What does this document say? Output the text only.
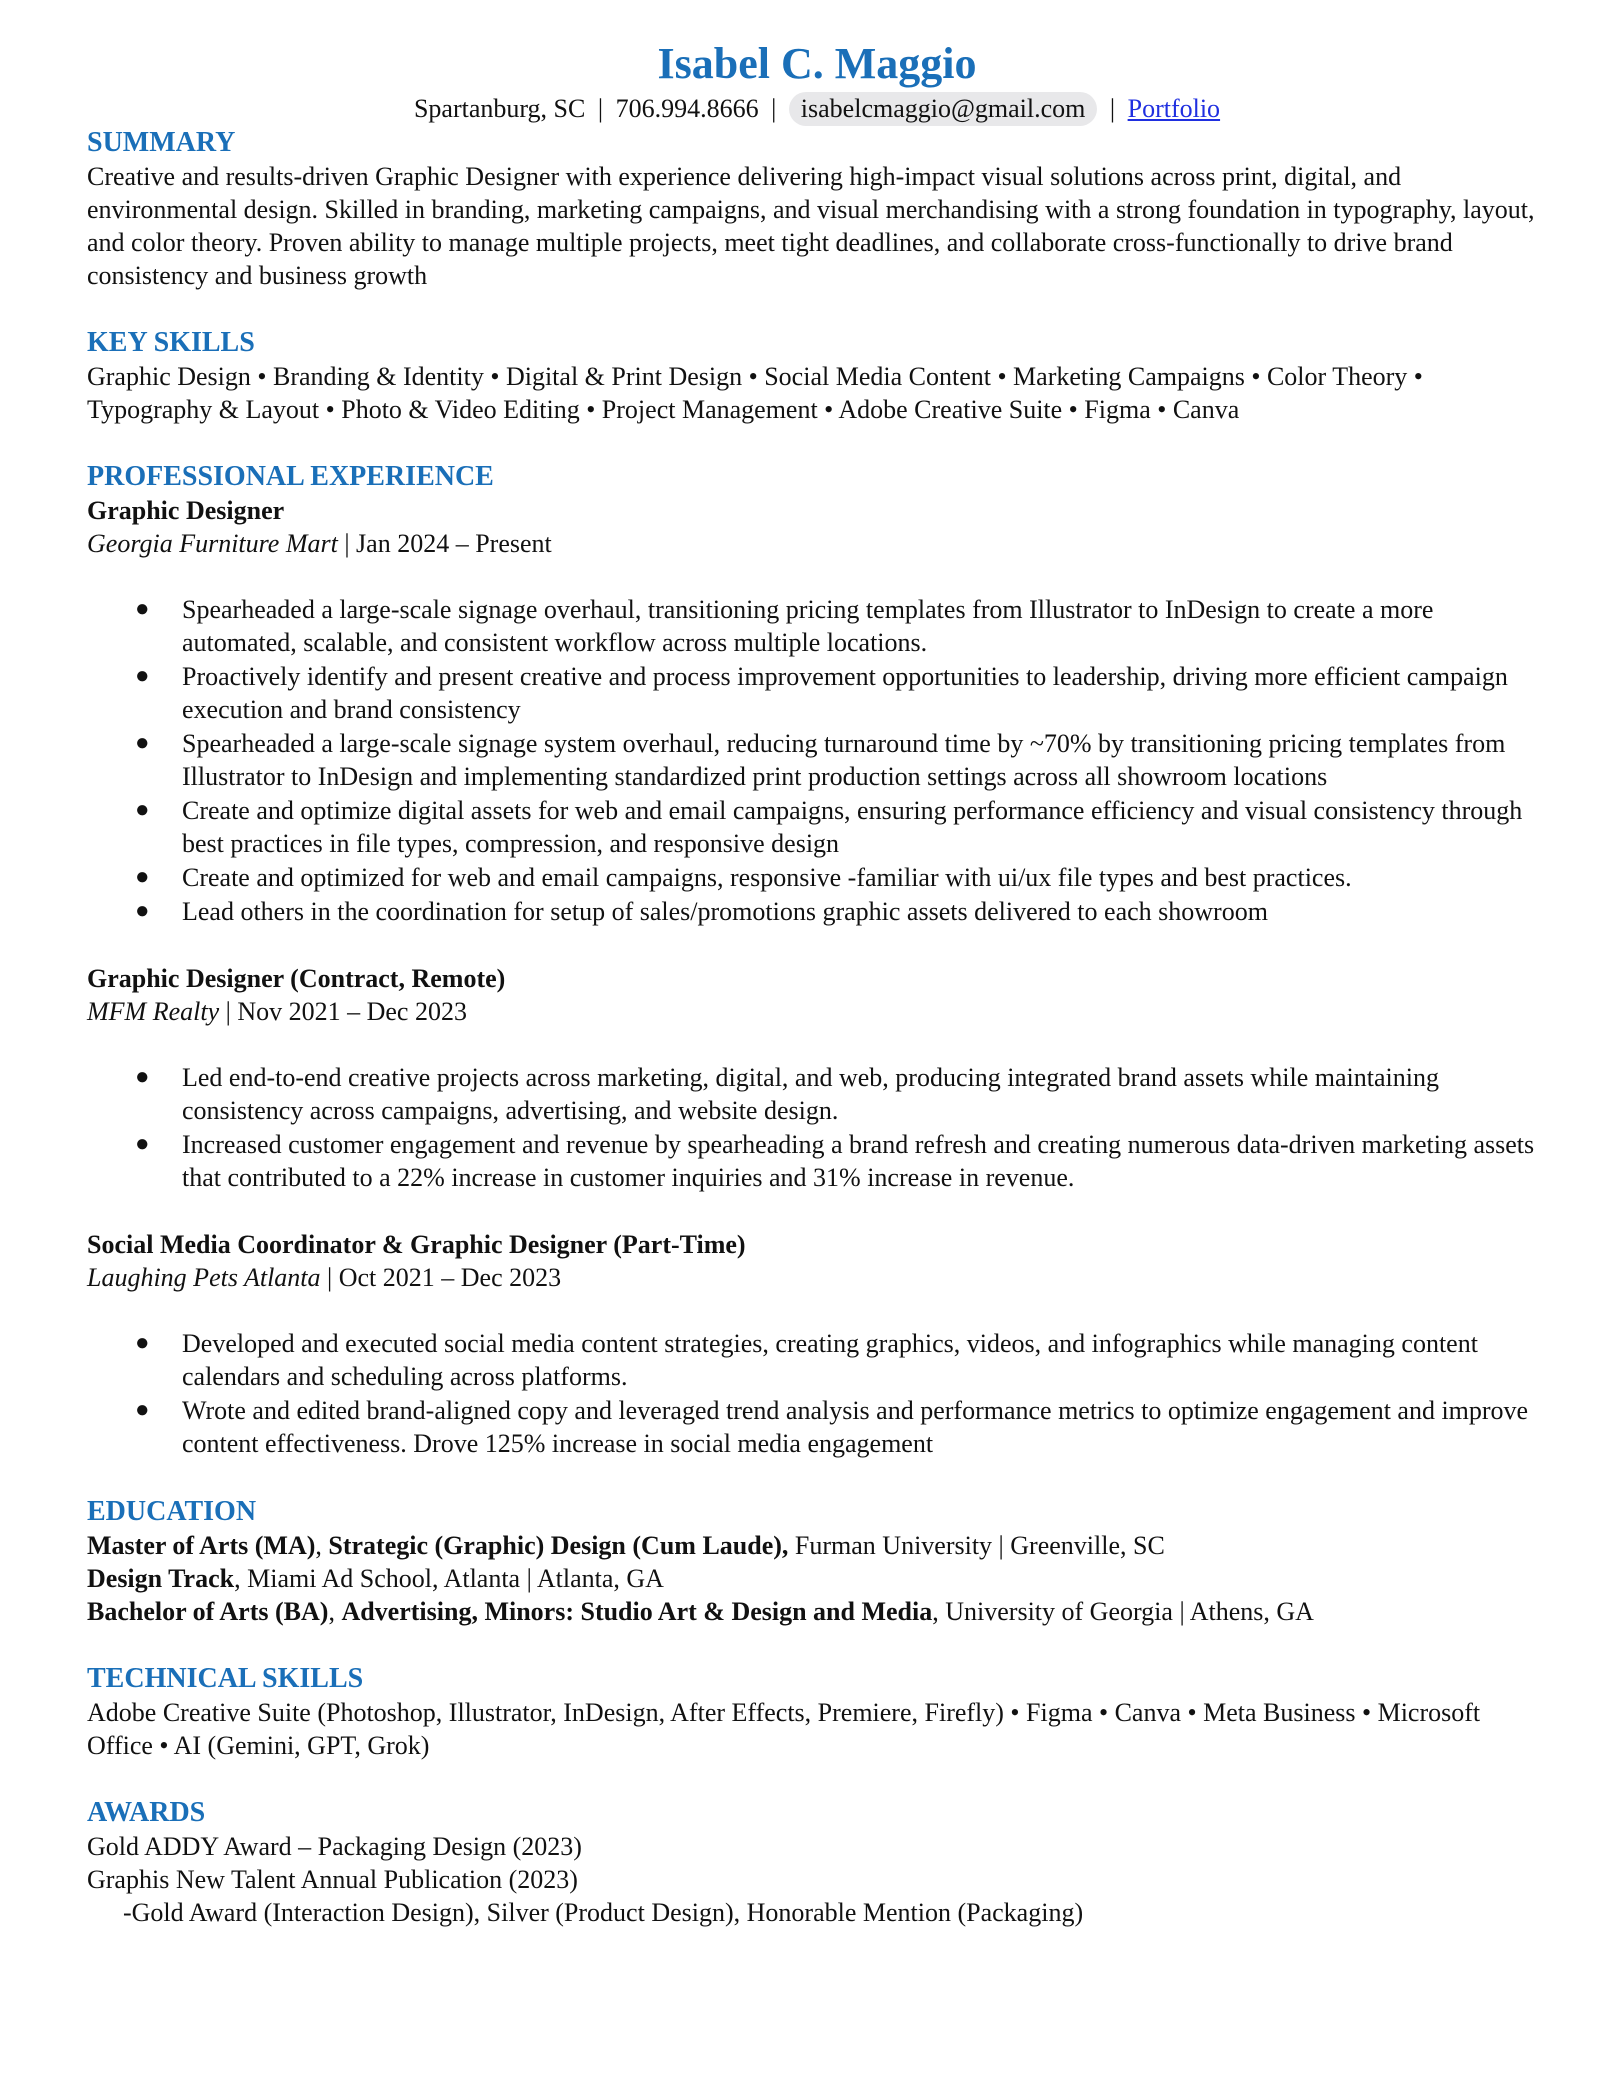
Isabel C. Maggio
Spartanburg, SC | 706.994.8666 | isabelcmaggio@gmail.com | Portfolio
SUMMARY

Creative and results-driven Graphic Designer with experience delivering high-impact visual solutions across print, digital, and environmental design. Skilled in branding, marketing campaigns, and visual merchandising with a strong foundation in typography, layout, and color theory. Proven ability to manage multiple projects, meet tight deadlines, and collaborate cross-functionally to drive brand consistency and business growth

KEY SKILLS

Graphic Design • Branding & Identity • Digital & Print Design • Social Media Content • Marketing Campaigns • Color Theory • Typography & Layout • Photo & Video Editing • Project Management • Adobe Creative Suite • Figma • Canva

PROFESSIONAL EXPERIENCE

Graphic Designer

Georgia Furniture Mart | Jan 2024 – Present

● Spearheaded a large-scale signage overhaul, transitioning pricing templates from Illustrator to InDesign to create a more automated, scalable, and consistent workflow across multiple locations.
● Proactively identify and present creative and process improvement opportunities to leadership, driving more efficient campaign execution and brand consistency
● Spearheaded a large-scale signage system overhaul, reducing turnaround time by ~70% by transitioning pricing templates from Illustrator to InDesign and implementing standardized print production settings across all showroom locations
● Create and optimize digital assets for web and email campaigns, ensuring performance efficiency and visual consistency through best practices in file types, compression, and responsive design
● Create and optimized for web and email campaigns, responsive -familiar with ui/ux file types and best practices.
● Lead others in the coordination for setup of sales/promotions graphic assets delivered to each showroom

Graphic Designer (Contract, Remote)

MFM Realty | Nov 2021 – Dec 2023

● Led end-to-end creative projects across marketing, digital, and web, producing integrated brand assets while maintaining consistency across campaigns, advertising, and website design.
● Increased customer engagement and revenue by spearheading a brand refresh and creating numerous data-driven marketing assets that contributed to a 22% increase in customer inquiries and 31% increase in revenue.

Social Media Coordinator & Graphic Designer (Part-Time)

Laughing Pets Atlanta | Oct 2021 – Dec 2023

● Developed and executed social media content strategies, creating graphics, videos, and infographics while managing content calendars and scheduling across platforms.
● Wrote and edited brand-aligned copy and leveraged trend analysis and performance metrics to optimize engagement and improve content effectiveness. Drove 125% increase in social media engagement
EDUCATION

Master of Arts (MA), Strategic (Graphic) Design (Cum Laude), Furman University | Greenville, SC

Design Track, Miami Ad School, Atlanta | Atlanta, GA

Bachelor of Arts (BA), Advertising, Minors: Studio Art & Design and Media, University of Georgia | Athens, GA

TECHNICAL SKILLS

Adobe Creative Suite (Photoshop, Illustrator, InDesign, After Effects, Premiere, Firefly) • Figma • Canva • Meta Business • Microsoft Office • AI (Gemini, GPT, Grok)

AWARDS

Gold ADDY Award – Packaging Design (2023)

Graphis New Talent Annual Publication (2023)

-Gold Award (Interaction Design), Silver (Product Design), Honorable Mention (Packaging)
